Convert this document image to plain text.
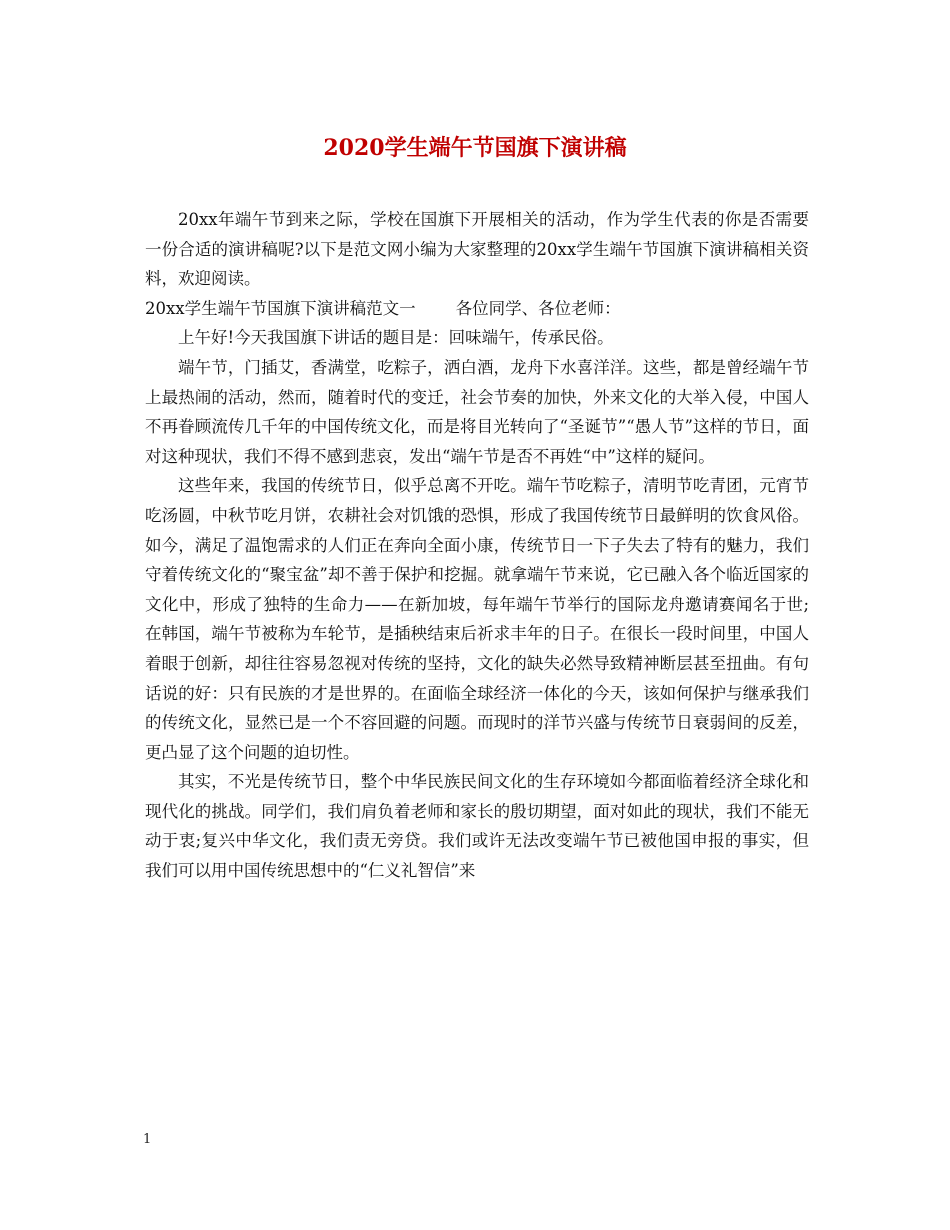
2020学生端午节国旗下演讲稿

20xx年端午节到来之际，学校在国旗下开展相关的活动，作为学生代表的你是否需要一份合适的演讲稿呢?以下是范文网小编为大家整理的20xx学生端午节国旗下演讲稿相关资料，欢迎阅读。

20xx学生端午节国旗下演讲稿范文一 各位同学、各位老师：

上午好!今天我国旗下讲话的题目是：回味端午，传承民俗。

端午节，门插艾，香满堂，吃粽子，洒白酒，龙舟下水喜洋洋。这些，都是曾经端午节上最热闹的活动，然而，随着时代的变迁，社会节奏的加快，外来文化的大举入侵，中国人不再眷顾流传几千年的中国传统文化，而是将目光转向了“圣诞节”“愚人节”这样的节日，面对这种现状，我们不得不感到悲哀，发出“端午节是否不再姓“中”这样的疑问。

这些年来，我国的传统节日，似乎总离不开吃。端午节吃粽子，清明节吃青团，元宵节吃汤圆，中秋节吃月饼，农耕社会对饥饿的恐惧，形成了我国传统节日最鲜明的饮食风俗。如今，满足了温饱需求的人们正在奔向全面小康，传统节日一下子失去了特有的魅力，我们守着传统文化的“聚宝盆”却不善于保护和挖掘。就拿端午节来说，它已融入各个临近国家的文化中，形成了独特的生命力——在新加坡，每年端午节举行的国际龙舟邀请赛闻名于世;在韩国，端午节被称为车轮节，是插秧结束后祈求丰年的日子。在很长一段时间里，中国人着眼于创新，却往往容易忽视对传统的坚持，文化的缺失必然导致精神断层甚至扭曲。有句话说的好：只有民族的才是世界的。在面临全球经济一体化的今天，该如何保护与继承我们的传统文化，显然已是一个不容回避的问题。而现时的洋节兴盛与传统节日衰弱间的反差，更凸显了这个问题的迫切性。

其实，不光是传统节日，整个中华民族民间文化的生存环境如今都面临着经济全球化和现代化的挑战。同学们，我们肩负着老师和家长的殷切期望，面对如此的现状，我们不能无动于衷;复兴中华文化，我们责无旁贷。我们或许无法改变端午节已被他国申报的事实，但我们可以用中国传统思想中的“仁义礼智信”来

1
